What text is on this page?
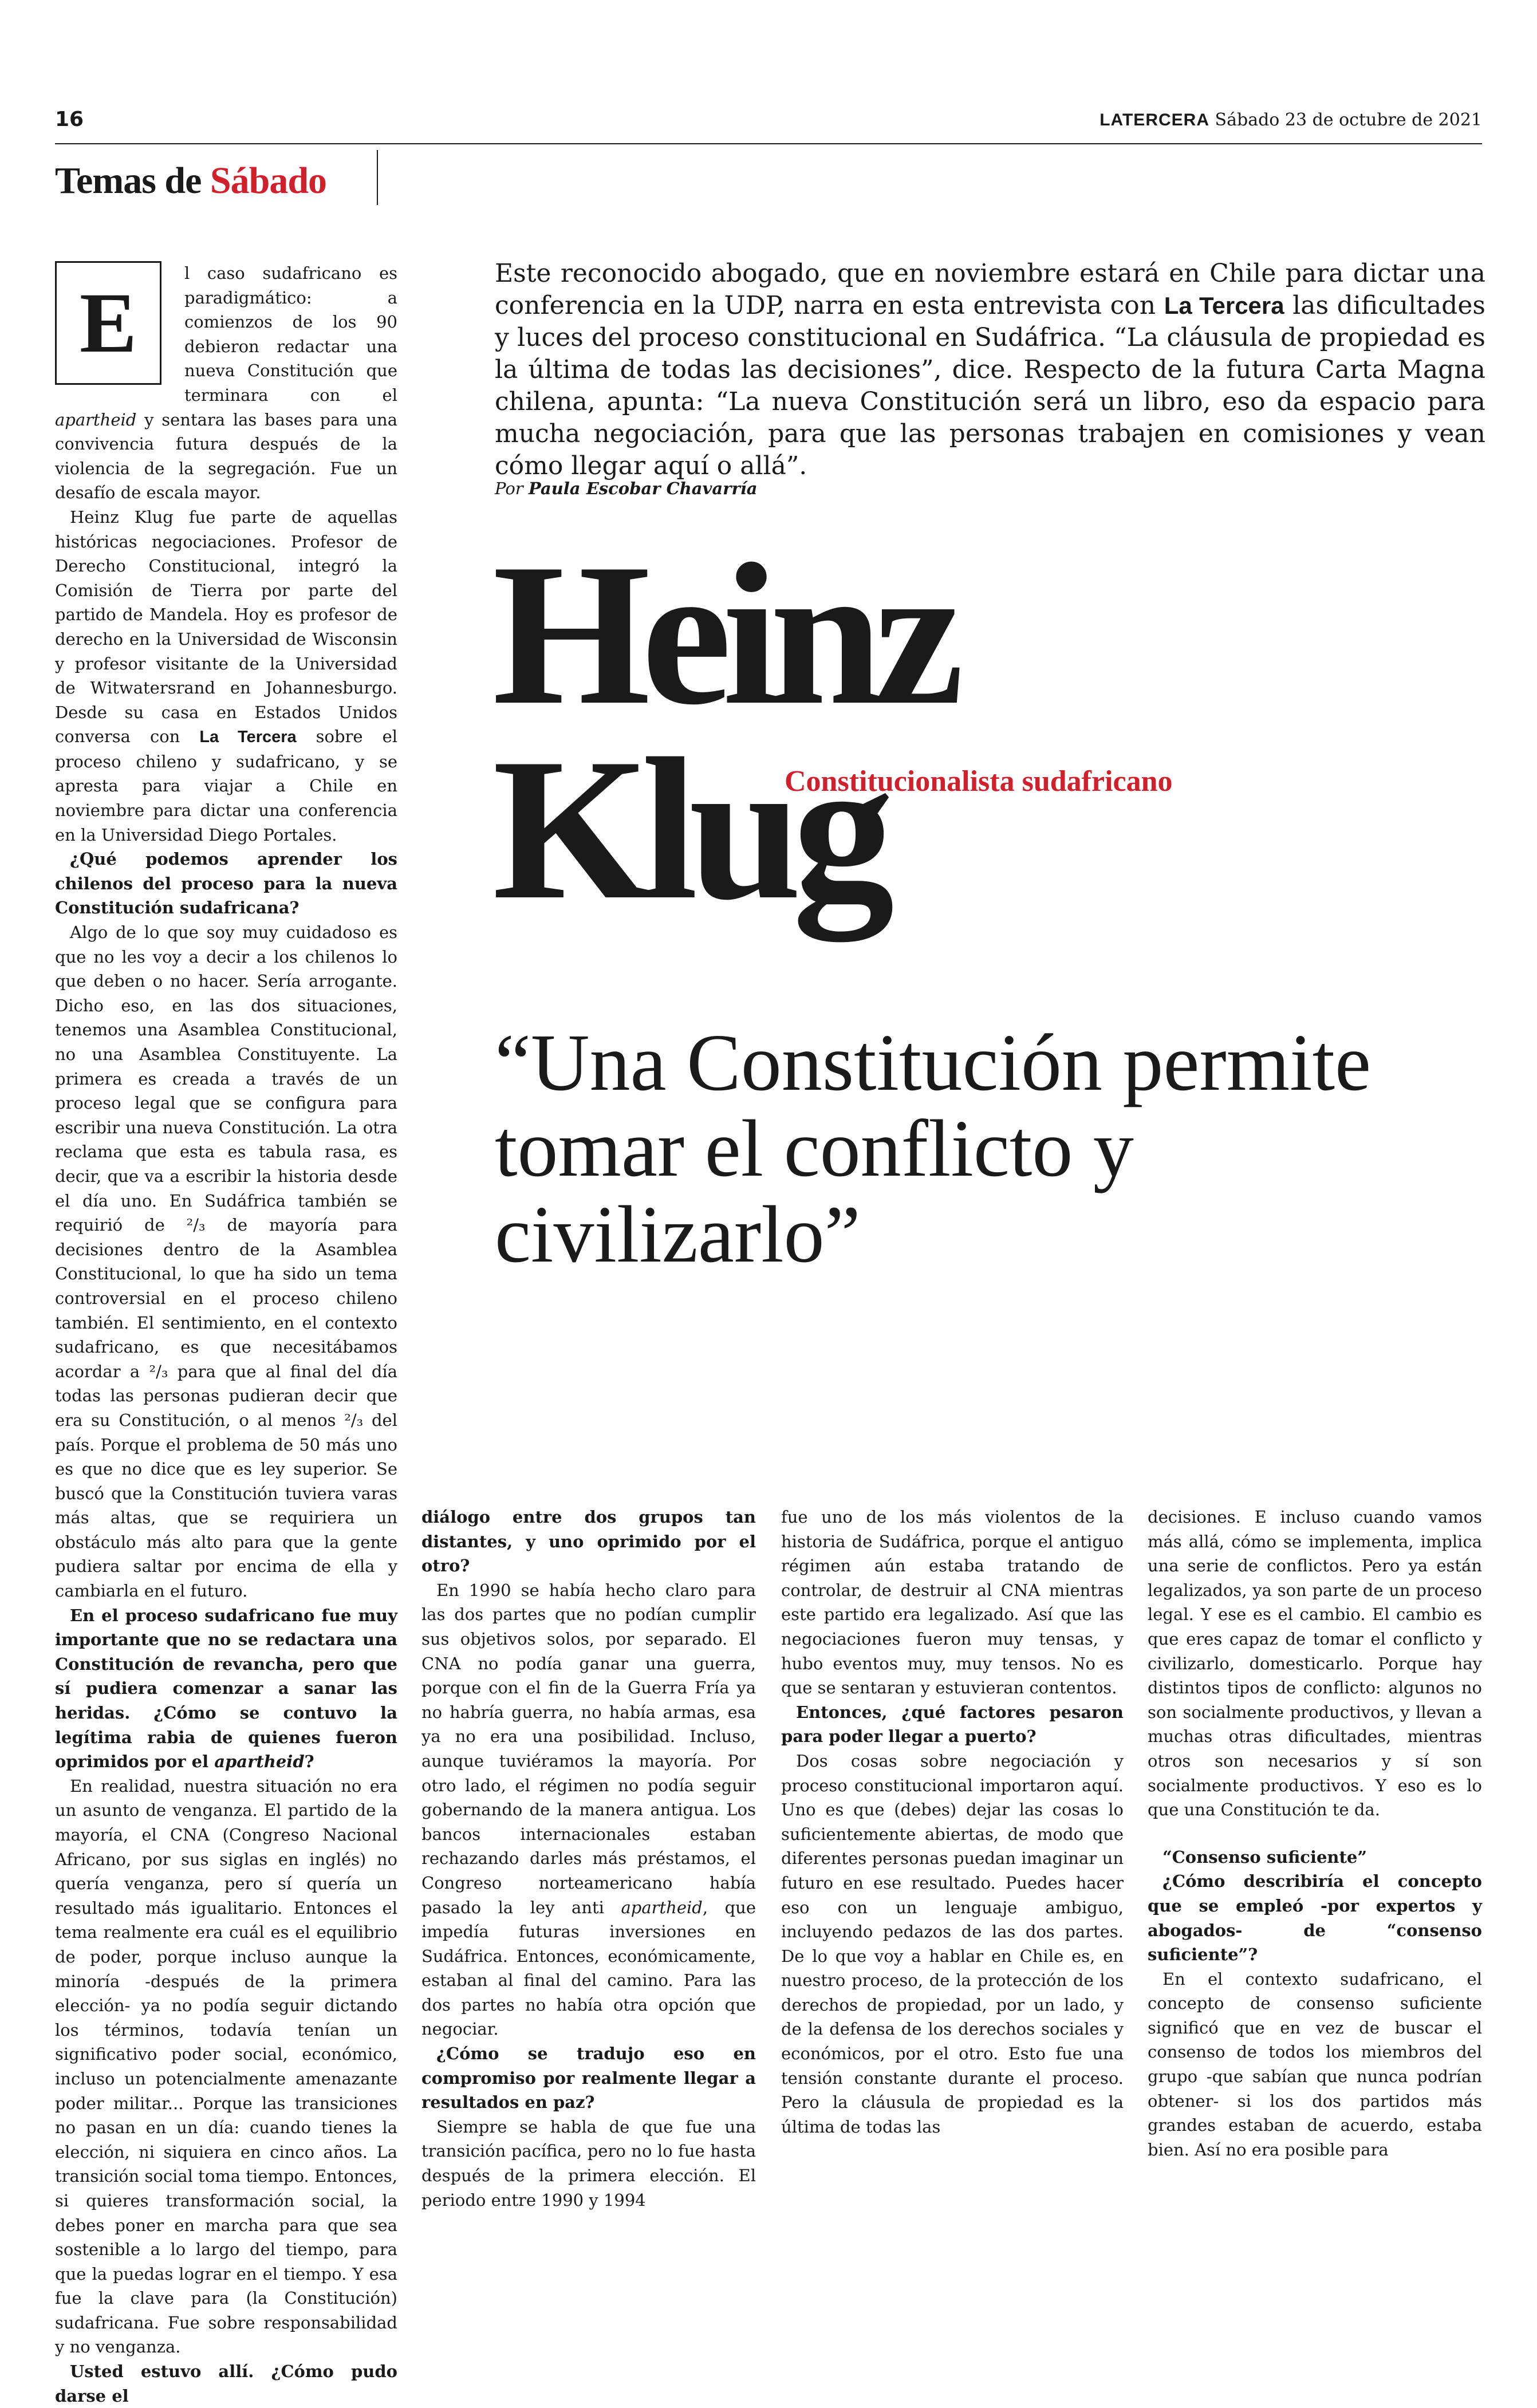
16	LATERCERA Sábado 23 de octubre de 2021
Temas de Sábado
Este reconocido abogado, que en noviembre estará en Chile para dictar una conferencia en la UDP, narra en esta entrevista con La Tercera las dificultades y luces del proceso constitucional en Sudáfrica. “La cláusula de propiedad es la última de todas las decisiones”, dice. Respecto de la futura Carta Magna chilena, apunta: “La nueva Constitución será un libro, eso da espacio para mucha negociación, para que las personas trabajen en comisiones y vean cómo llegar aquí o allá”.
Por Paula Escobar Chavarría
Heinz
Klug
Constitucionalista sudafricano
“Una Constitución permite tomar el conflicto y civilizarlo”

E
l caso sudafricano es paradigmático: a comienzos de los 90 debieron redactar una nueva Constitución que terminara con el apartheid y sentara las bases para una convivencia futura después de la violencia de la segregación. Fue un desafío de escala mayor.

Heinz Klug fue parte de aquellas históricas negociaciones. Profesor de Derecho Constitucional, integró la Comisión de Tierra por parte del partido de Mandela. Hoy es profesor de derecho en la Universidad de Wisconsin y profesor visitante de la Universidad de Witwatersrand en Johannesburgo. Desde su casa en Estados Unidos conversa con La Tercera sobre el proceso chileno y sudafricano, y se apresta para viajar a Chile en noviembre para dictar una conferencia en la Universidad Diego Portales.

¿Qué podemos aprender los chilenos del proceso para la nueva Constitución sudafricana?

Algo de lo que soy muy cuidadoso es que no les voy a decir a los chilenos lo que deben o no hacer. Sería arrogante. Dicho eso, en las dos situaciones, tenemos una Asamblea Constitucional, no una Asamblea Constituyente. La primera es creada a través de un proceso legal que se configura para escribir una nueva Constitución. La otra reclama que esta es tabula rasa, es decir, que va a escribir la historia desde el día uno. En Sudáfrica también se requirió de ²/₃ de mayoría para decisiones dentro de la Asamblea Constitucional, lo que ha sido un tema controversial en el proceso chileno también. El sentimiento, en el contexto sudafricano, es que necesitábamos acordar a ²/₃ para que al final del día todas las personas pudieran decir que era su Constitución, o al menos ²/₃ del país. Porque el problema de 50 más uno es que no dice que es ley superior. Se buscó que la Constitución tuviera varas más altas, que se requiriera un obstáculo más alto para que la gente pudiera saltar por encima de ella y cambiarla en el futuro.

En el proceso sudafricano fue muy importante que no se redactara una Constitución de revancha, pero que sí pudiera comenzar a sanar las heridas. ¿Cómo se contuvo la legítima rabia de quienes fueron oprimidos por el apartheid?

En realidad, nuestra situación no era un asunto de venganza. El partido de la mayoría, el CNA (Congreso Nacional Africano, por sus siglas en inglés) no quería venganza, pero sí quería un resultado más igualitario. Entonces el tema realmente era cuál es el equilibrio de poder, porque incluso aunque la minoría -después de la primera elección- ya no podía seguir dictando los términos, todavía tenían un significativo poder social, económico, incluso un potencialmente amenazante poder militar... Porque las transiciones no pasan en un día: cuando tienes la elección, ni siquiera en cinco años. La transición social toma tiempo. Entonces, si quieres transformación social, la debes poner en marcha para que sea sostenible a lo largo del tiempo, para que la puedas lograr en el tiempo. Y esa fue la clave para (la Constitución) sudafricana. Fue sobre responsabilidad y no venganza.

Usted estuvo allí. ¿Cómo pudo darse el

diálogo entre dos grupos tan distantes, y uno oprimido por el otro?

En 1990 se había hecho claro para las dos partes que no podían cumplir sus objetivos solos, por separado. El CNA no podía ganar una guerra, porque con el fin de la Guerra Fría ya no habría guerra, no había armas, esa ya no era una posibilidad. Incluso, aunque tuviéramos la mayoría. Por otro lado, el régimen no podía seguir gobernando de la manera antigua. Los bancos internacionales estaban rechazando darles más préstamos, el Congreso norteamericano había pasado la ley anti apartheid, que impedía futuras inversiones en Sudáfrica. Entonces, económicamente, estaban al final del camino. Para las dos partes no había otra opción que negociar.

¿Cómo se tradujo eso en compromiso por realmente llegar a resultados en paz?

Siempre se habla de que fue una transición pacífica, pero no lo fue hasta después de la primera elección. El periodo entre 1990 y 1994

fue uno de los más violentos de la historia de Sudáfrica, porque el antiguo régimen aún estaba tratando de controlar, de destruir al CNA mientras este partido era legalizado. Así que las negociaciones fueron muy tensas, y hubo eventos muy, muy tensos. No es que se sentaran y estuvieran contentos.

Entonces, ¿qué factores pesaron para poder llegar a puerto?

Dos cosas sobre negociación y proceso constitucional importaron aquí. Uno es que (debes) dejar las cosas lo suficientemente abiertas, de modo que diferentes personas puedan imaginar un futuro en ese resultado. Puedes hacer eso con un lenguaje ambiguo, incluyendo pedazos de las dos partes. De lo que voy a hablar en Chile es, en nuestro proceso, de la protección de los derechos de propiedad, por un lado, y de la defensa de los derechos sociales y económicos, por el otro. Esto fue una tensión constante durante el proceso. Pero la cláusula de propiedad es la última de todas las

decisiones. E incluso cuando vamos más allá, cómo se implementa, implica una serie de conflictos. Pero ya están legalizados, ya son parte de un proceso legal. Y ese es el cambio. El cambio es que eres capaz de tomar el conflicto y civilizarlo, domesticarlo. Porque hay distintos tipos de conflicto: algunos no son socialmente productivos, y llevan a muchas otras dificultades, mientras otros son necesarios y sí son socialmente productivos. Y eso es lo que una Constitución te da.

“Consenso suficiente”

¿Cómo describiría el concepto que se empleó -por expertos y abogados- de “consenso suficiente”?

En el contexto sudafricano, el concepto de consenso suficiente significó que en vez de buscar el consenso de todos los miembros del grupo -que sabían que nunca podrían obtener- si los dos partidos más grandes estaban de acuerdo, estaba bien. Así no era posible para
